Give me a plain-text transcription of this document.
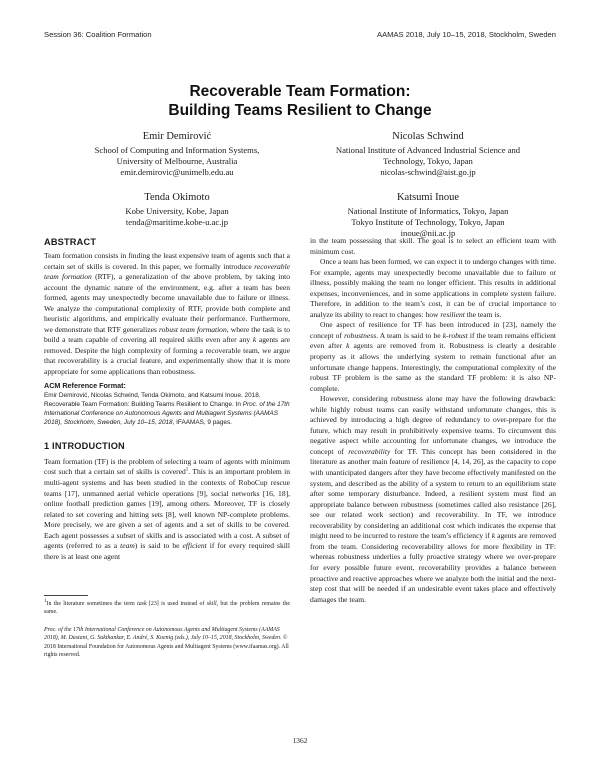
Session 36: Coalition Formation	AAMAS 2018, July 10–15, 2018, Stockholm, Sweden
Recoverable Team Formation:
Building Teams Resilient to Change
Emir Demirović
School of Computing and Information Systems,
University of Melbourne, Australia
emir.demirovic@unimelb.edu.au
Nicolas Schwind
National Institute of Advanced Industrial Science and
Technology, Tokyo, Japan
nicolas-schwind@aist.go.jp
Tenda Okimoto
Kobe University, Kobe, Japan
tenda@maritime.kobe-u.ac.jp
Katsumi Inoue
National Institute of Informatics, Tokyo, Japan
Tokyo Institute of Technology, Tokyo, Japan
inoue@nii.ac.jp
ABSTRACT

Team formation consists in finding the least expensive team of agents such that a certain set of skills is covered. In this paper, we formally introduce recoverable team formation (RTF), a generalization of the above problem, by taking into account the dynamic nature of the environment, e.g. after a team has been formed, agents may unexpectedly become unavailable due to failure or illness. We analyze the computational complexity of RTF, provide both complete and heuristic algorithms, and empirically evaluate their performance. Furthermore, we demonstrate that RTF generalizes robust team formation, where the task is to build a team capable of covering all required skills even after any k agents are removed. Despite the high complexity of forming a recoverable team, we argue that recoverability is a crucial feature, and experimentally show that it is more appropriate for some applications than robustness.

ACM Reference Format:
Emir Demirović, Nicolas Schwind, Tenda Okimoto, and Katsumi Inoue. 2018. Recoverable Team Formation: Building Teams Resilient to Change. In Proc. of the 17th International Conference on Autonomous Agents and Multiagent Systems (AAMAS 2018), Stockholm, Sweden, July 10–15, 2018, IFAAMAS, 9 pages.
1 INTRODUCTION

Team formation (TF) is the problem of selecting a team of agents with minimum cost such that a certain set of skills is covered$^1$. This is an important problem in multi-agent systems and has been studied in the contexts of RoboCup rescue teams [17], unmanned aerial vehicle operations [9], social networks [16, 18], online football prediction games [19], among others. Moreover, TF is closely related to set covering and hitting sets [8], well known NP-complete problems. More precisely, we are given a set of agents and a set of skills to be covered. Each agent possesses a subset of skills and is associated with a cost. A subset of agents (referred to as a team) is said to be efficient if for every required skill there is at least one agent

$^1$In the literature sometimes the term task [23] is used instead of skill, but the problem remains the same.
Proc. of the 17th International Conference on Autonomous Agents and Multiagent Systems (AAMAS 2018), M. Dastani, G. Sukthankar, E. André, S. Koenig (eds.), July 10–15, 2018, Stockholm, Sweden. © 2018 International Foundation for Autonomous Agents and Multiagent Systems (www.ifaamas.org). All rights reserved.

in the team possessing that skill. The goal is to select an efficient team with minimum cost.

Once a team has been formed, we can expect it to undergo changes with time. For example, agents may unexpectedly become unavailable due to failure or illness, possibly making the team no longer efficient. This results in additional expenses, inconveniences, and in some applications in complete system failure. Therefore, in addition to the team’s cost, it can be of crucial importance to analyze its ability to react to changes: how resilient the team is.

One aspect of resilience for TF has been introduced in [23], namely the concept of robustness. A team is said to be k-robust if the team remains efficient even after k agents are removed from it. Robustness is clearly a desirable property as it allows the underlying system to remain functional after an unfortunate change happens. Interestingly, the computational complexity of the robust TF problem is the same as the standard TF problem: it is also NP-complete.

However, considering robustness alone may have the following drawback: while highly robust teams can easily withstand unfortunate changes, this is achieved by introducing a high degree of redundancy to over-prepare for the future, which may result in prohibitively expensive teams. To circumvent this negative aspect while accounting for unfortunate changes, we introduce the concept of recoverability for TF. This concept has been considered in the literature as another main feature of resilience [4, 14, 26], as the capacity to cope with unanticipated dangers after they have become effectively manifested on the system, and described as the ability of a system to return to an equilibrium state after some temporary disturbance. Indeed, a resilient system must find an appropriate balance between robustness (sometimes called also resistance [26], see our related work section) and recoverability. In TF, we introduce recoverability by considering an additional cost which indicates the expense that might need to be incurred to restore the team’s efficiency if k agents are removed from the team. Considering recoverability allows for more flexibility in TF: whereas robustness underlies a fully proactive strategy where we over-prepare for every possible future event, recoverability provides a balance between proactive and reactive approaches where we analyze both the initial and the next-step cost that will be needed if an undesirable event takes place and effectively damages the team.

1362
